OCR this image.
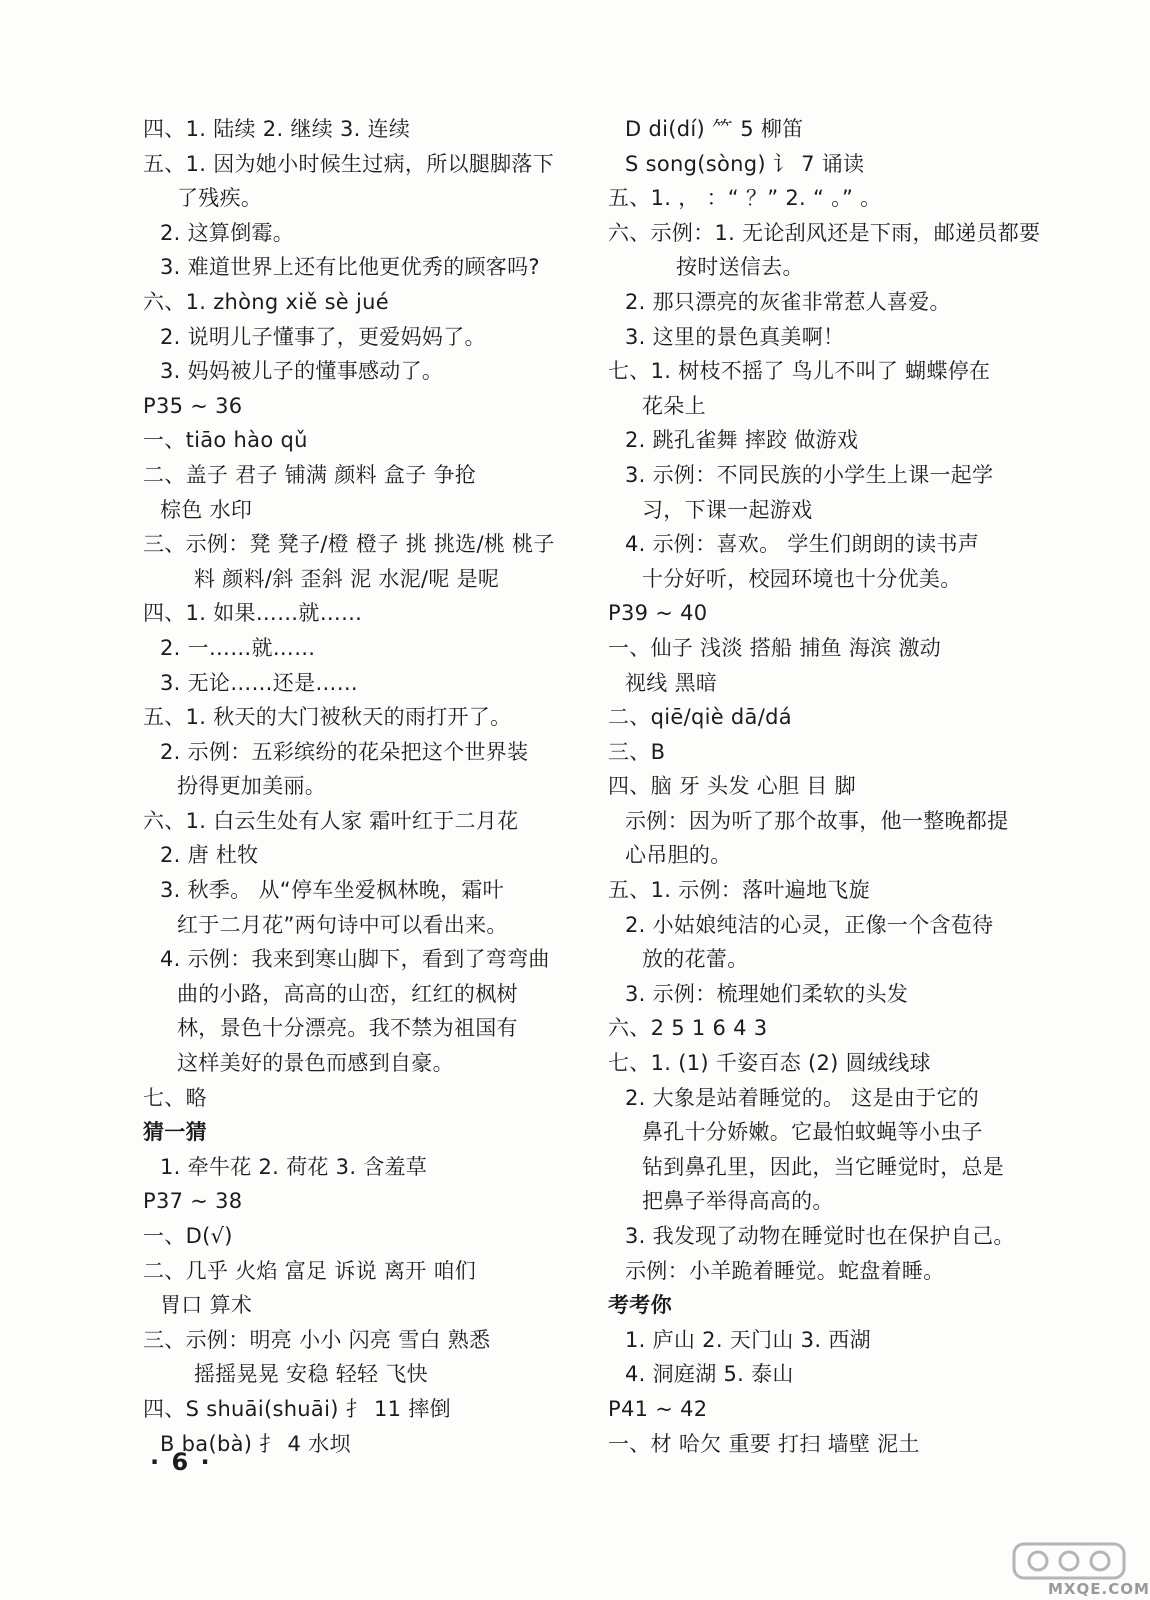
四、1. 陆续 2. 继续 3. 连续
五、1. 因为她小时候生过病，所以腿脚落下
了残疾。
2. 这算倒霉。
3. 难道世界上还有比他更优秀的顾客吗?
六、1. zhòng xiě sè jué
2. 说明儿子懂事了，更爱妈妈了。
3. 妈妈被儿子的懂事感动了。
P35 ~ 36
一、tiāo hào qǔ
二、盖子 君子 铺满 颜料 盒子 争抢
棕色 水印
三、示例：凳 凳子/橙 橙子 挑 挑选/桃 桃子
料 颜料/斜 歪斜 泥 水泥/呢 是呢
四、1. 如果……就……
2. 一……就……
3. 无论……还是……
五、1. 秋天的大门被秋天的雨打开了。
2. 示例：五彩缤纷的花朵把这个世界装
扮得更加美丽。
六、1. 白云生处有人家 霜叶红于二月花
2. 唐 杜牧
3. 秋季。 从“停车坐爱枫林晚，霜叶
红于二月花”两句诗中可以看出来。
4. 示例：我来到寒山脚下，看到了弯弯曲
曲的小路，高高的山峦，红红的枫树
林，景色十分漂亮。我不禁为祖国有
这样美好的景色而感到自豪。
七、略
猜一猜
1. 牵牛花 2. 荷花 3. 含羞草
P37 ~ 38
一、D(√)
二、几乎 火焰 富足 诉说 离开 咱们
胃口 算术
三、示例：明亮 小小 闪亮 雪白 熟悉
摇摇晃晃 安稳 轻轻 飞快
四、S shuāi(shuāi) 扌 11 摔倒
B ba(bà) ⺘ 4 水坝
D di(dí) ⺮ 5 柳笛
S song(sòng) 讠 7 诵读
五、1. ， ：“ ？” 2. “ 。” 。
六、示例：1. 无论刮风还是下雨，邮递员都要
按时送信去。
2. 那只漂亮的灰雀非常惹人喜爱。
3. 这里的景色真美啊！
七、1. 树枝不摇了 鸟儿不叫了 蝴蝶停在
花朵上
2. 跳孔雀舞 摔跤 做游戏
3. 示例：不同民族的小学生上课一起学
习，下课一起游戏
4. 示例：喜欢。 学生们朗朗的读书声
十分好听，校园环境也十分优美。
P39 ~ 40
一、仙子 浅淡 搭船 捕鱼 海滨 激动
视线 黑暗
二、qiē/qiè dā/dá
三、B
四、脑 牙 头发 心胆 目 脚
示例：因为听了那个故事，他一整晚都提
心吊胆的。
五、1. 示例：落叶遍地飞旋
2. 小姑娘纯洁的心灵，正像一个含苞待
放的花蕾。
3. 示例：梳理她们柔软的头发
六、2 5 1 6 4 3
七、1. (1) 千姿百态 (2) 圆绒线球
2. 大象是站着睡觉的。 这是由于它的
鼻孔十分娇嫩。它最怕蚊蝇等小虫子
钻到鼻孔里，因此，当它睡觉时，总是
把鼻子举得高高的。
3. 我发现了动物在睡觉时也在保护自己。
示例：小羊跪着睡觉。蛇盘着睡。
考考你
1. 庐山 2. 天门山 3. 西湖
4. 洞庭湖 5. 泰山
P41 ~ 42
一、材 哈欠 重要 打扫 墙壁 泥土
· 6 ·
MXQE.COM
